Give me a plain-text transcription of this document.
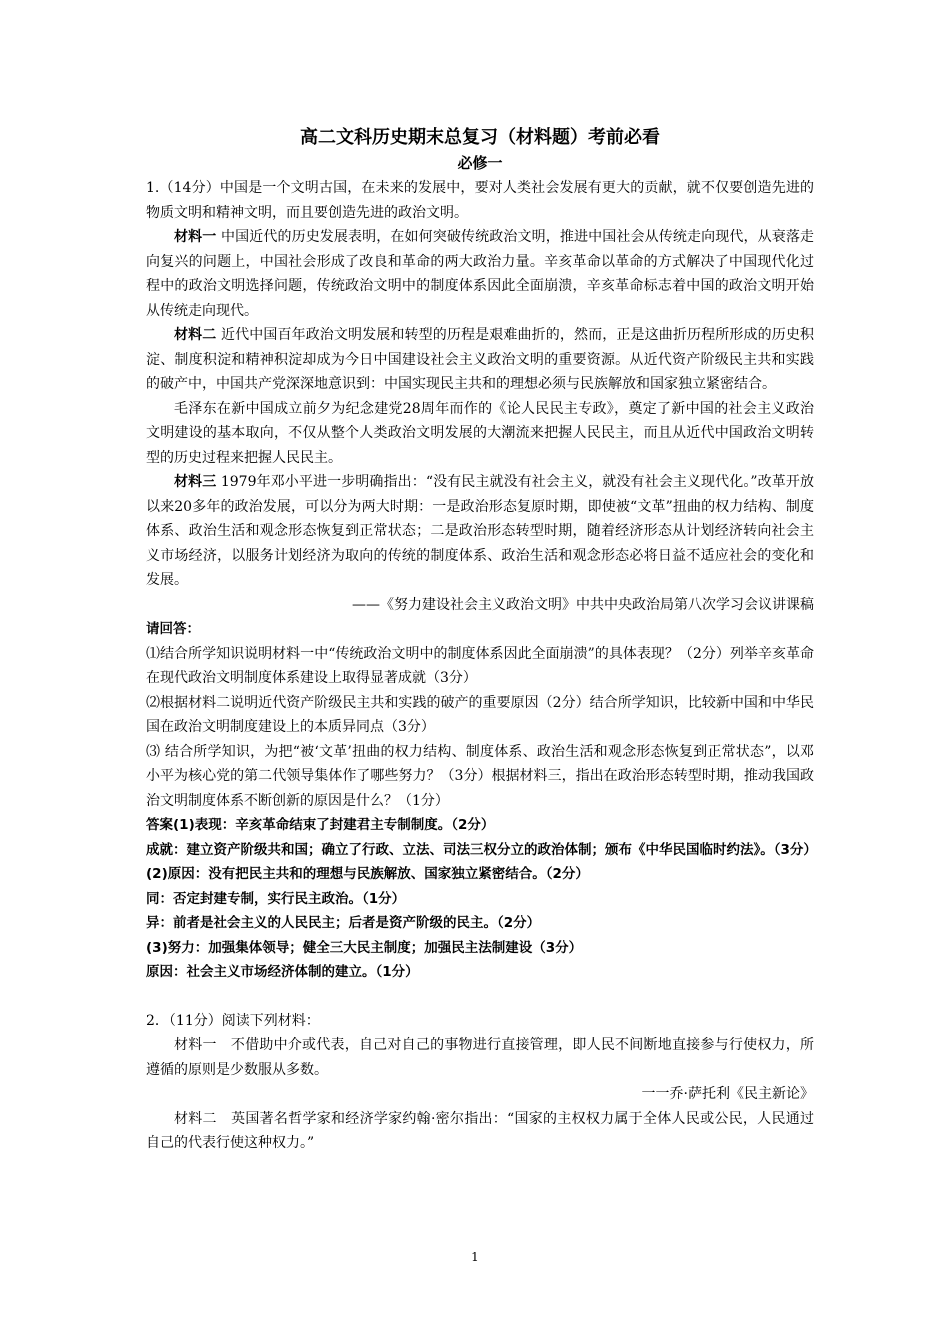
高二文科历史期末总复习（材料题）考前必看

必修一

1.（14分）中国是一个文明古国，在未来的发展中，要对人类社会发展有更大的贡献，就不仅要创造先进的物质文明和精神文明，而且要创造先进的政治文明。

材料一 中国近代的历史发展表明，在如何突破传统政治文明，推进中国社会从传统走向现代，从衰落走向复兴的问题上，中国社会形成了改良和革命的两大政治力量。辛亥革命以革命的方式解决了中国现代化过程中的政治文明选择问题，传统政治文明中的制度体系因此全面崩溃，辛亥革命标志着中国的政治文明开始从传统走向现代。

材料二 近代中国百年政治文明发展和转型的历程是艰难曲折的，然而，正是这曲折历程所形成的历史积淀、制度积淀和精神积淀却成为今日中国建设社会主义政治文明的重要资源。从近代资产阶级民主共和实践的破产中，中国共产党深深地意识到：中国实现民主共和的理想必须与民族解放和国家独立紧密结合。

毛泽东在新中国成立前夕为纪念建党28周年而作的《论人民民主专政》，奠定了新中国的社会主义政治文明建设的基本取向，不仅从整个人类政治文明发展的大潮流来把握人民民主，而且从近代中国政治文明转型的历史过程来把握人民民主。

材料三 1979年邓小平进一步明确指出：“没有民主就没有社会主义，就没有社会主义现代化。”改革开放以来20多年的政治发展，可以分为两大时期：一是政治形态复原时期，即使被“文革”扭曲的权力结构、制度体系、政治生活和观念形态恢复到正常状态；二是政治形态转型时期，随着经济形态从计划经济转向社会主义市场经济，以服务计划经济为取向的传统的制度体系、政治生活和观念形态必将日益不适应社会的变化和发展。

——《努力建设社会主义政治文明》中共中央政治局第八次学习会议讲课稿

请回答：

⑴结合所学知识说明材料一中“传统政治文明中的制度体系因此全面崩溃”的具体表现？（2分）列举辛亥革命在现代政治文明制度体系建设上取得显著成就（3分）

⑵根据材料二说明近代资产阶级民主共和实践的破产的重要原因（2分）结合所学知识，比较新中国和中华民国在政治文明制度建设上的本质异同点（3分）

⑶ 结合所学知识，为把“被‘文革’扭曲的权力结构、制度体系、政治生活和观念形态恢复到正常状态”，以邓小平为核心党的第二代领导集体作了哪些努力？（3分）根据材料三，指出在政治形态转型时期，推动我国政治文明制度体系不断创新的原因是什么？（1分）

答案(1)表现：辛亥革命结束了封建君主专制制度。（2分）

成就：建立资产阶级共和国；确立了行政、立法、司法三权分立的政治体制；颁布《中华民国临时约法》。（3分）

(2)原因：没有把民主共和的理想与民族解放、国家独立紧密结合。（2分）

同：否定封建专制，实行民主政治。（1分）

异：前者是社会主义的人民民主；后者是资产阶级的民主。（2分）

(3)努力：加强集体领导；健全三大民主制度；加强民主法制建设（3分）

原因：社会主义市场经济体制的建立。（1分）

2．（11分）阅读下列材料：

材料一　不借助中介或代表，自己对自己的事物进行直接管理，即人民不间断地直接参与行使权力，所遵循的原则是少数服从多数。

一一乔·萨托利《民主新论》

材料二　英国著名哲学家和经济学家约翰·密尔指出：“国家的主权权力属于全体人民或公民，人民通过自己的代表行使这种权力。”

1
